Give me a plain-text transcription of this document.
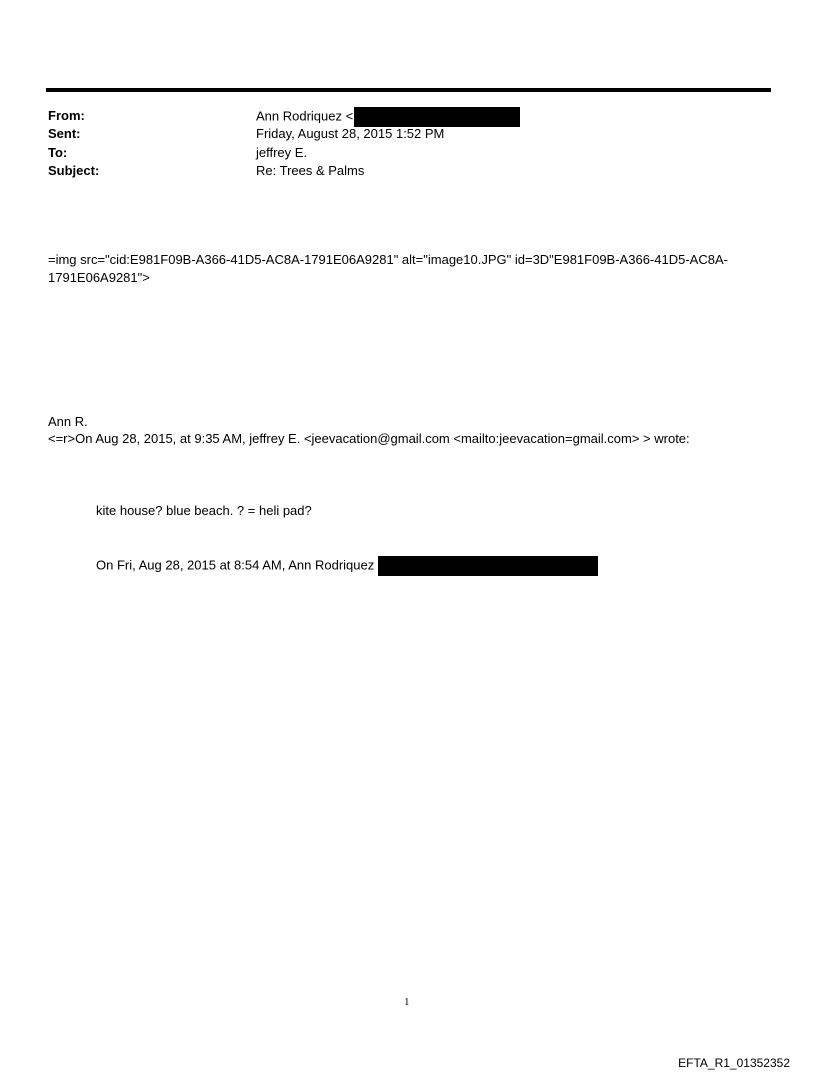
From:	Ann Rodriquez <
Sent:	Friday, August 28, 2015 1:52 PM
To:	jeffrey E.
Subject:	Re: Trees & Palms
=img src="cid:E981F09B-A366-41D5-AC8A-1791E06A9281" alt="image10.JPG" id=3D"E981F09B-A366-41D5-AC8A-
1791E06A9281">
Ann R.
<=r>On Aug 28, 2015, at 9:35 AM, jeffrey E. <jeevacation@gmail.com <mailto:jeevacation=gmail.com> > wrote:
kite house? blue beach. ? = heli pad?
On Fri, Aug 28, 2015 at 8:54 AM, Ann Rodriquez
1
EFTA_R1_01352352
